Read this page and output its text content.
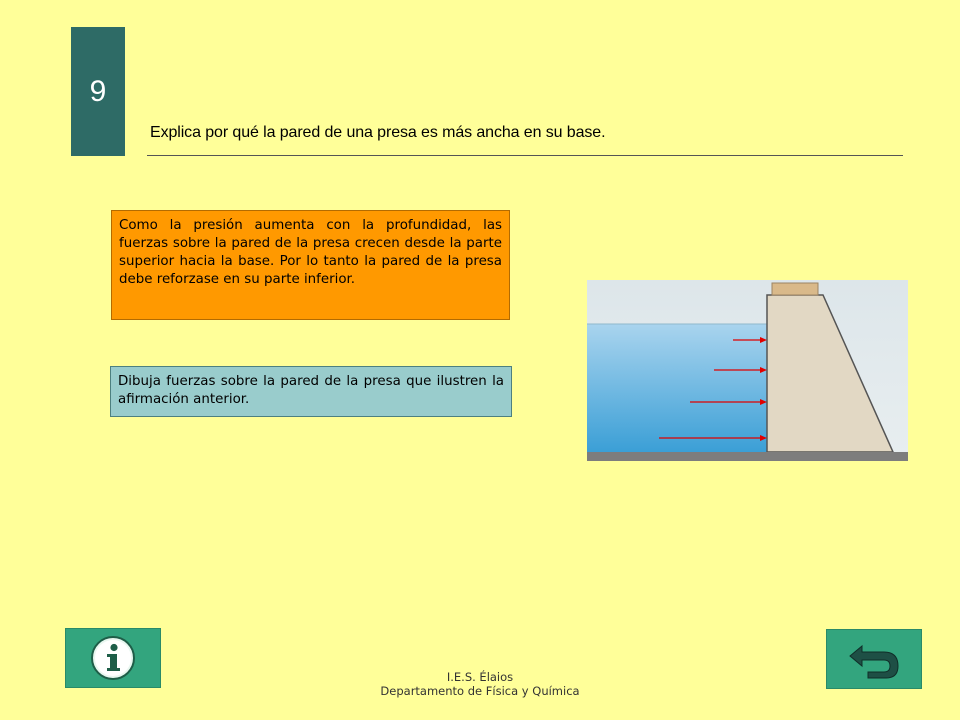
9
Explica por qué la pared de una presa es más ancha en su base.
Como la presión aumenta con la profundidad, las fuerzas sobre la pared de la presa crecen desde la parte superior hacia la base. Por lo tanto la pared de la presa debe reforzase en su parte inferior.
Dibuja fuerzas sobre la pared de la presa que ilustren la afirmación anterior.
I.E.S. Élaios
Departamento de Física y Química
